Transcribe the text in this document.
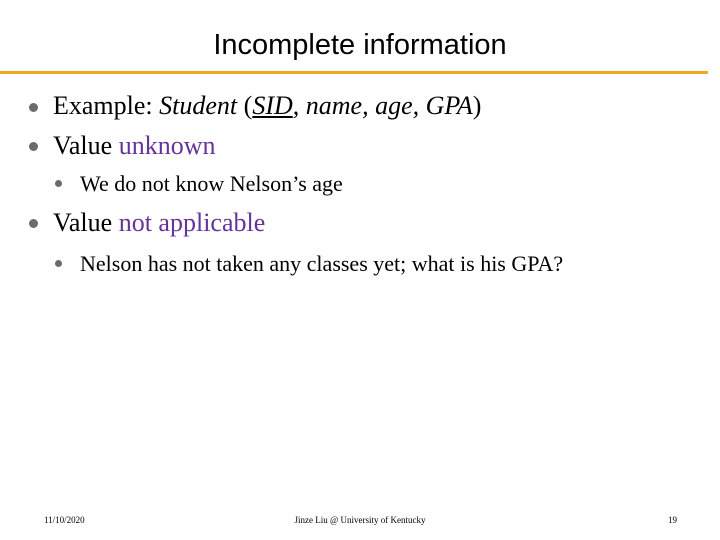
Incomplete information
Example: Student (SID, name, age, GPA)
Value unknown
We do not know Nelson’s age
Value not applicable
Nelson has not taken any classes yet; what is his GPA?
11/10/2020	Jinze Liu @ University of Kentucky	19
